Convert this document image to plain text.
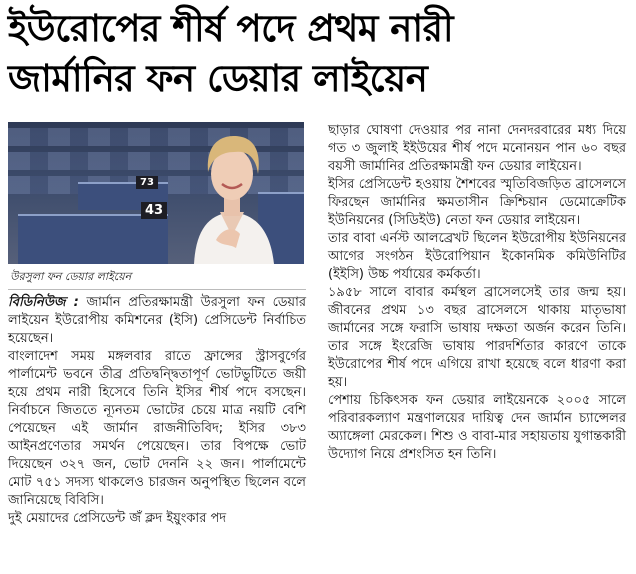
ইউরোপের শীর্ষ পদে প্রথম নারী
জার্মানির ফন ডেয়ার লাইয়েন
73
43
উরসুলা ফন ডেয়ার লাইয়েন

বিডিনিউজ : জার্মান প্রতিরক্ষামন্ত্রী উরসুলা ফন ডেয়ার লাইয়েন ইউরোপীয় কমিশনের (ইসি) প্রেসিডেন্ট নির্বাচিত হয়েছেন।

বাংলাদেশ সময় মঙ্গলবার রাতে ফ্রান্সের স্ট্রাসবুর্গের পার্লামেন্ট ভবনে তীব্র প্রতিদ্বন্দ্বিতাপূর্ণ ভোটভুটিতে জয়ী হয়ে প্রথম নারী হিসেবে তিনি ইসির শীর্ষ পদে বসছেন। নির্বাচনে জিততে ন্যূনতম ভোটের চেয়ে মাত্র নয়টি বেশি পেয়েছেন এই জার্মান রাজনীতিবিদ; ইসির ৩৮৩ আইনপ্রণেতার সমর্থন পেয়েছেন। তার বিপক্ষে ভোট দিয়েছেন ৩২৭ জন, ভোট দেননি ২২ জন। পার্লামেন্টে মোট ৭৫১ সদস্য থাকলেও চারজন অনুপস্থিত ছিলেন বলে জানিয়েছে বিবিসি।

দুই মেয়াদের প্রেসিডেন্ট জঁ ক্লদ ইয়ুংকার পদ

ছাড়ার ঘোষণা দেওয়ার পর নানা দেনদরবারের মধ্য দিয়ে গত ৩ জুলাই ইইউয়ের শীর্ষ পদে মনোনয়ন পান ৬০ বছর বয়সী জার্মানির প্রতিরক্ষামন্ত্রী ফন ডেয়ার লাইয়েন।

ইসির প্রেসিডেন্ট হওয়ায় শৈশবের স্মৃতিবিজড়িত ব্রাসেলসে ফিরছেন জার্মানির ক্ষমতাসীন ক্রিশ্চিয়ান ডেমোক্রেটিক ইউনিয়নের (সিডিইউ) নেতা ফন ডেয়ার লাইয়েন।

তার বাবা এর্নস্ট আলব্রেখট ছিলেন ইউরোপীয় ইউনিয়নের আগের সংগঠন ইউরোপিয়ান ইকোনমিক কমিউনিটির (ইইসি) উচ্চ পর্যায়ের কর্মকর্তা।

১৯৫৮ সালে বাবার কর্মস্থল ব্রাসেলসেই তার জন্ম হয়। জীবনের প্রথম ১৩ বছর ব্রাসেলসে থাকায় মাতৃভাষা জার্মানের সঙ্গে ফরাসি ভাষায় দক্ষতা অর্জন করেন তিনি। তার সঙ্গে ইংরেজি ভাষায় পারদর্শিতার কারণে তাকে ইউরোপের শীর্ষ পদে এগিয়ে রাখা হয়েছে বলে ধারণা করা হয়।

পেশায় চিকিৎসক ফন ডেয়ার লাইয়েনকে ২০০৫ সালে পরিবারকল্যাণ মন্ত্রণালয়ের দায়িত্ব দেন জার্মান চ্যান্সেলর অ্যাঙ্গেলা মেরকেল। শিশু ও বাবা-মার সহায়তায় যুগান্তকারী উদ্যোগ নিয়ে প্রশংসিত হন তিনি।
